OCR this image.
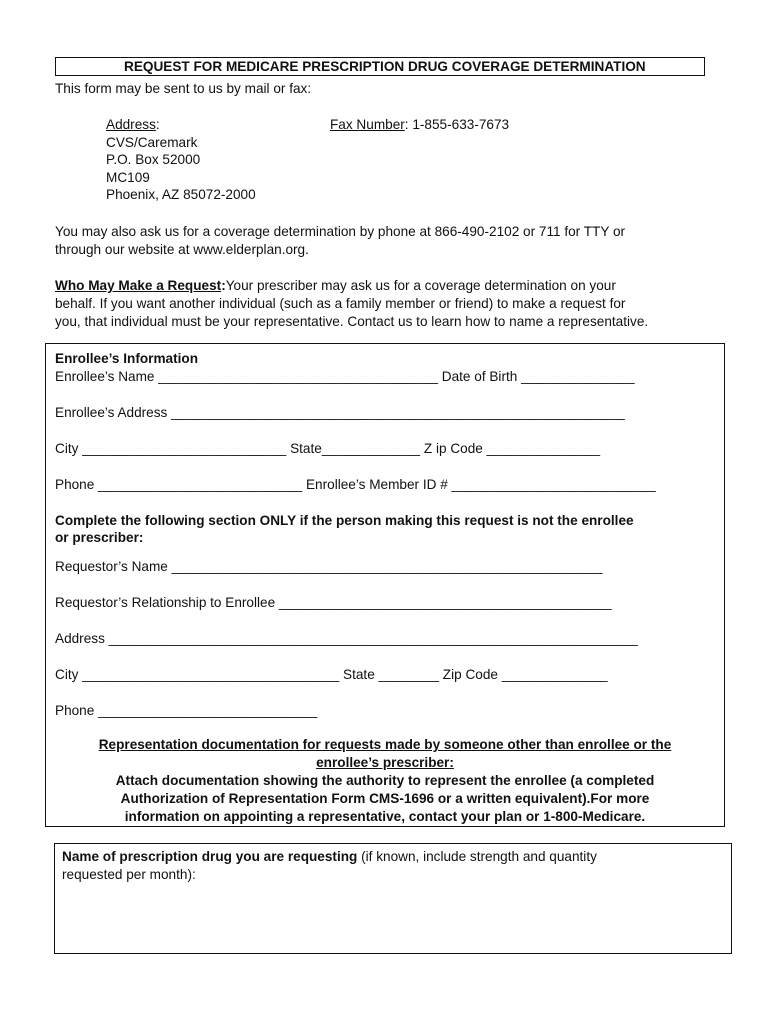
REQUEST FOR MEDICARE PRESCRIPTION DRUG COVERAGE DETERMINATION
This form may be sent to us by mail or fax:
Address:
CVS/Caremark
P.O. Box 52000
MC109
Phoenix, AZ 85072-2000
Fax Number: 1-855-633-7673
You may also ask us for a coverage determination by phone at 866-490-2102 or 711 for TTY or
through our website at www.elderplan.org.
Who May Make a Request:Your prescriber may ask us for a coverage determination on your
behalf. If you want another individual (such as a family member or friend) to make a request for
you, that individual must be your representative. Contact us to learn how to name a representative.
Enrollee’s Information
Enrollee’s Name _____________________________________ Date of Birth _______________
Enrollee’s Address ____________________________________________________________
City ___________________________ State_____________ Z ip Code _______________
Phone ___________________________ Enrollee’s Member ID # ___________________________
Complete the following section ONLY if the person making this request is not the enrollee
or prescriber:
Requestor’s Name _________________________________________________________
Requestor’s Relationship to Enrollee ____________________________________________
Address ______________________________________________________________________
City __________________________________ State ________ Zip Code ______________
Phone _____________________________
Representation documentation for requests made by someone other than enrollee or the
enrollee’s prescriber:
Attach documentation showing the authority to represent the enrollee (a completed
Authorization of Representation Form CMS-1696 or a written equivalent).For more
information on appointing a representative, contact your plan or 1-800-Medicare.
Name of prescription drug you are requesting (if known, include strength and quantity
requested per month):
